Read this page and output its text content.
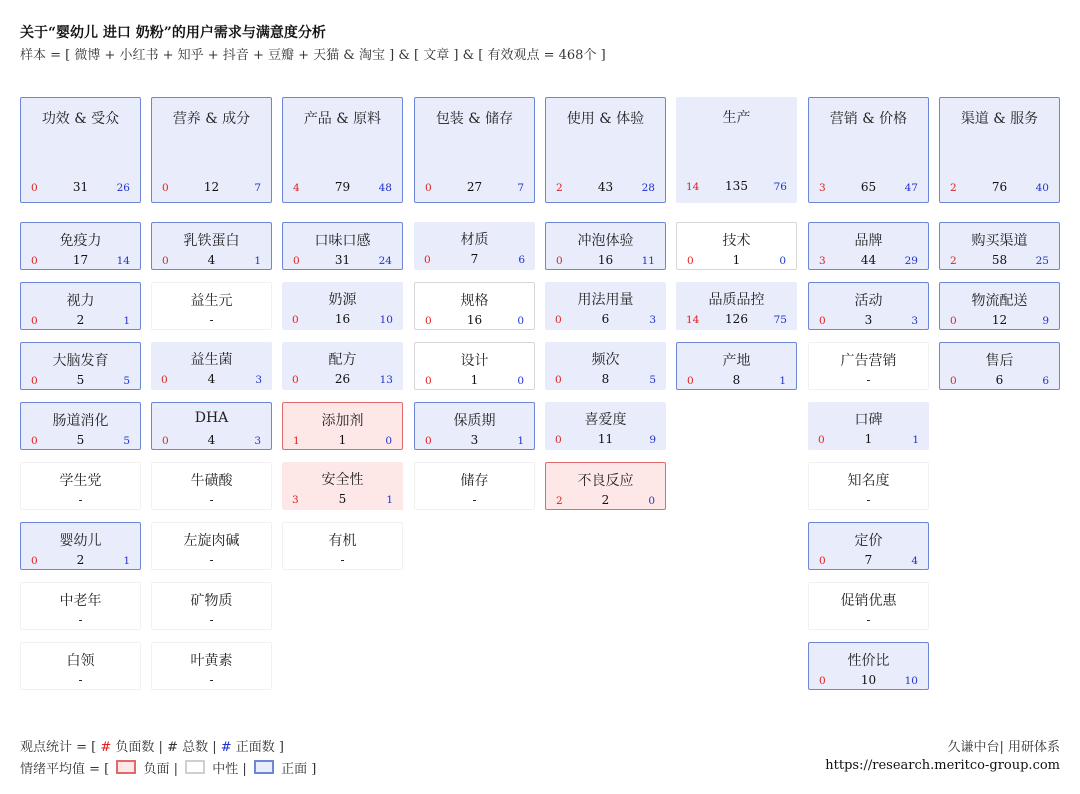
关于“婴幼儿 进口 奶粉”的用户需求与满意度分析
样本 = [ 微博 + 小红书 + 知乎 + 抖音 + 豆瓣 + 天猫 & 淘宝 ] & [ 文章 ] & [ 有效观点 = 468个 ]
功效 & 受众
0	31	26
免疫力
0	17	14
视力
0	2	1
大脑发育
0	5	5
肠道消化
0	5	5
学生党
-
婴幼儿
0	2	1
中老年
-
白领
-
营养 & 成分
0	12	7
乳铁蛋白
0	4	1
益生元
-
益生菌
0	4	3
DHA
0	4	3
牛磺酸
-
左旋肉碱
-
矿物质
-
叶黄素
-
产品 & 原料
4	79	48
口味口感
0	31	24
奶源
0	16	10
配方
0	26	13
添加剂
1	1	0
安全性
3	5	1
有机
-
包装 & 储存
0	27	7
材质
0	7	6
规格
0	16	0
设计
0	1	0
保质期
0	3	1
储存
-
使用 & 体验
2	43	28
冲泡体验
0	16	11
用法用量
0	6	3
频次
0	8	5
喜爱度
0	11	9
不良反应
2	2	0
生产
14	135	76
技术
0	1	0
品质品控
14	126	75
产地
0	8	1
营销 & 价格
3	65	47
品牌
3	44	29
活动
0	3	3
广告营销
-
口碑
0	1	1
知名度
-
定价
0	7	4
促销优惠
-
性价比
0	10	10
渠道 & 服务
2	76	40
购买渠道
2	58	25
物流配送
0	12	9
售后
0	6	6
观点统计 = [ # 负面数 | # 总数 | # 正面数 ]
情绪平均值 = [  负面 |  中性 |  正面 ]
久谦中台| 用研体系
https://research.meritco-group.com
